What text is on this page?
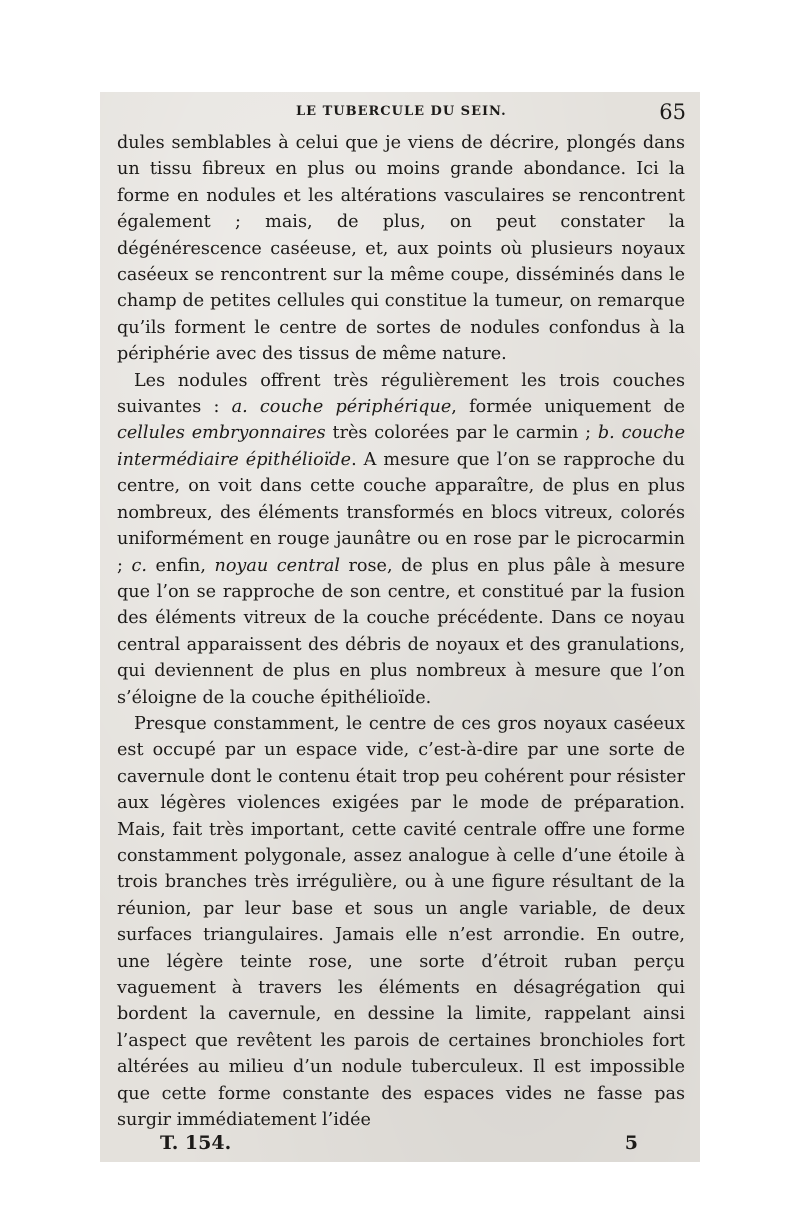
LE TUBERCULE DU SEIN.	65

dules semblables à celui que je viens de décrire, plongés dans un tissu fibreux en plus ou moins grande abondance. Ici la forme en nodules et les altérations vasculaires se rencontrent également ; mais, de plus, on peut constater la dégénérescence caséeuse, et, aux points où plusieurs noyaux caséeux se rencontrent sur la même coupe, disséminés dans le champ de petites cellules qui constitue la tumeur, on remarque qu’ils forment le centre de sortes de nodules confondus à la périphérie avec des tissus de même nature.

Les nodules offrent très régulièrement les trois couches suivantes : a. couche périphérique, formée uniquement de cellules embryonnaires très colorées par le carmin ; b. couche intermédiaire épithélioïde. A mesure que l’on se rapproche du centre, on voit dans cette couche apparaître, de plus en plus nombreux, des éléments transformés en blocs vitreux, colorés uniformément en rouge jaunâtre ou en rose par le picrocarmin ; c. enfin, noyau central rose, de plus en plus pâle à mesure que l’on se rapproche de son centre, et constitué par la fusion des éléments vitreux de la couche précédente. Dans ce noyau central apparaissent des débris de noyaux et des granulations, qui deviennent de plus en plus nombreux à mesure que l’on s’éloigne de la couche épithélioïde.

Presque constamment, le centre de ces gros noyaux caséeux est occupé par un espace vide, c’est-à-dire par une sorte de cavernule dont le contenu était trop peu cohérent pour résister aux légères violences exigées par le mode de préparation. Mais, fait très important, cette cavité centrale offre une forme constamment polygonale, assez analogue à celle d’une étoile à trois branches très irrégulière, ou à une figure résultant de la réunion, par leur base et sous un angle variable, de deux surfaces triangulaires. Jamais elle n’est arrondie. En outre, une légère teinte rose, une sorte d’étroit ruban perçu vaguement à travers les éléments en désagrégation qui bordent la cavernule, en dessine la limite, rappelant ainsi l’aspect que revêtent les parois de certaines bronchioles fort altérées au milieu d’un nodule tuberculeux. Il est impossible que cette forme constante des espaces vides ne fasse pas surgir immédiatement l’idée

T. 154.	5
